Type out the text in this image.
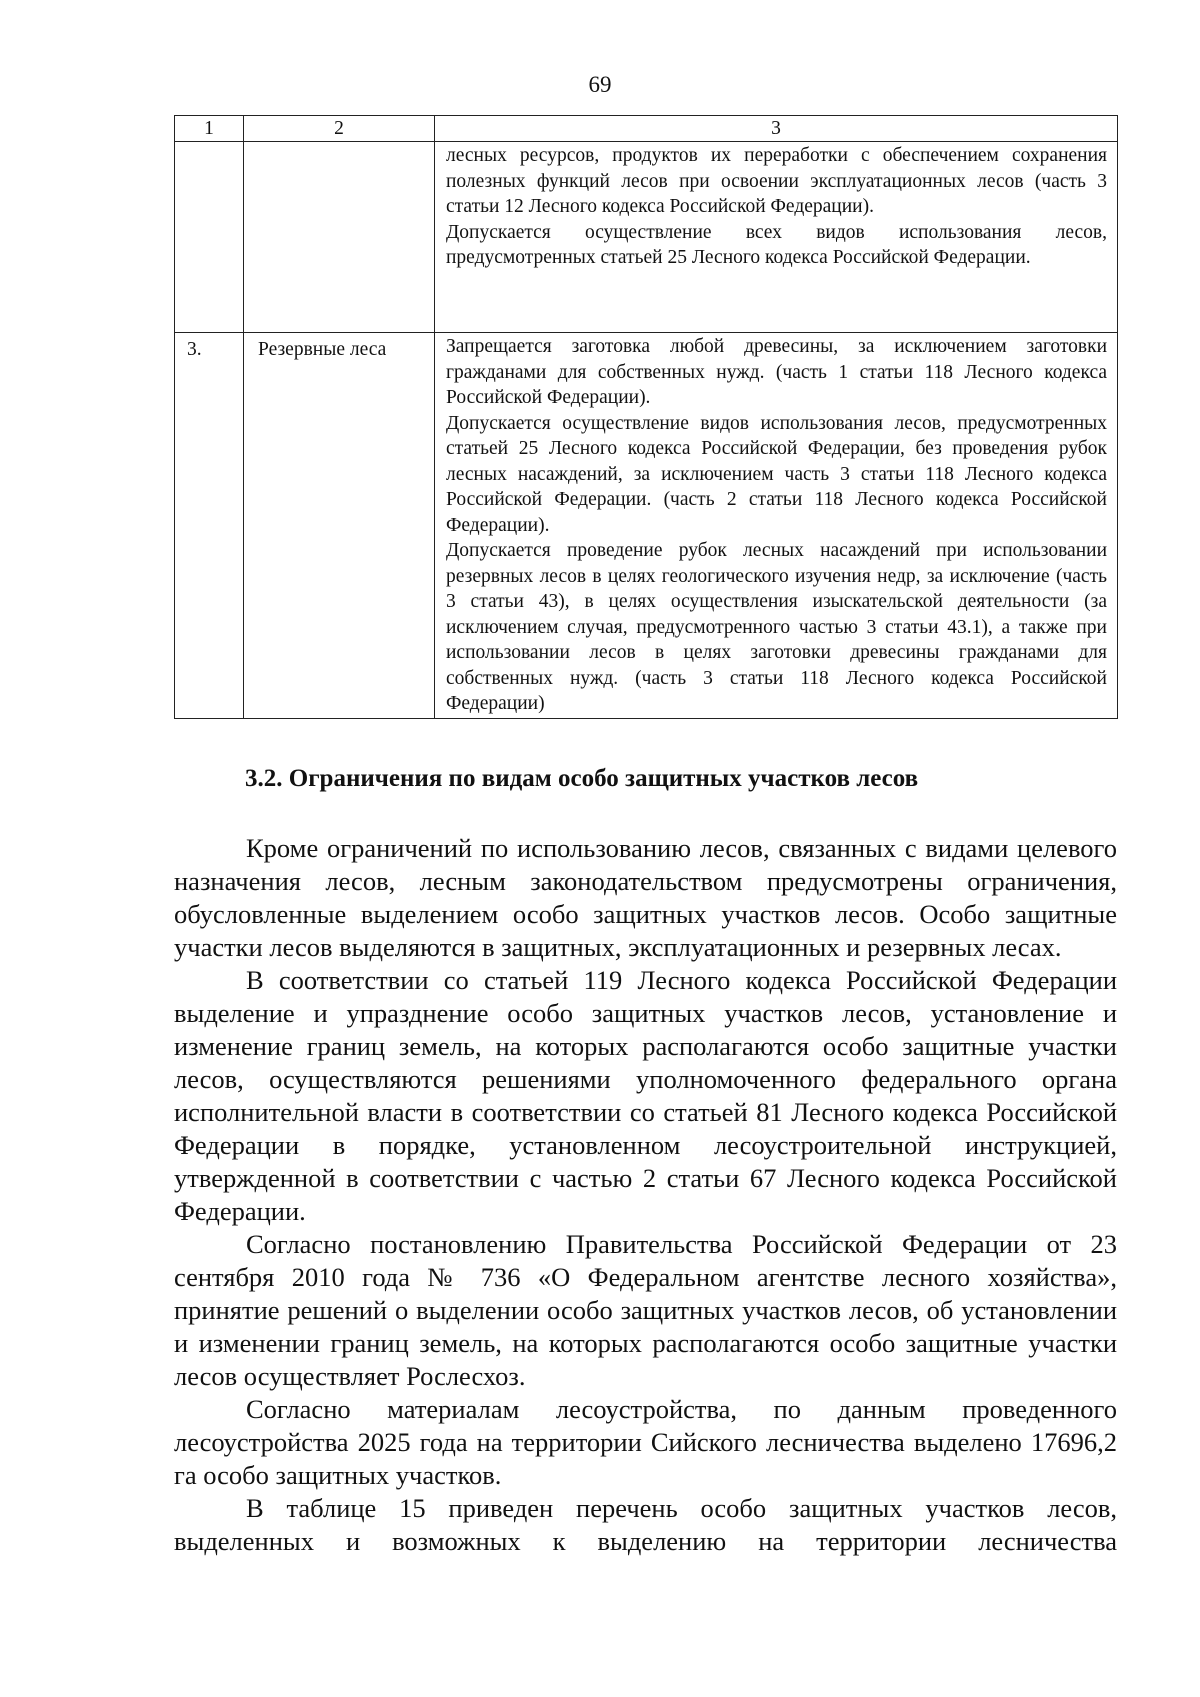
69
1	2	3

		лесных ресурсов, продуктов их переработки с обеспечением сохранения полезных функций лесов при освоении эксплуатационных лесов (часть 3 статьи 12 Лесного кодекса Российской Федерации).

Допускается осуществление всех видов использования лесов, предусмотренных статьей 25 Лесного кодекса Российской Федерации.

3.	Резервные леса	Запрещается заготовка любой древесины, за исключением заготовки гражданами для собственных нужд. (часть 1 статьи 118 Лесного кодекса Российской Федерации).

Допускается осуществление видов использования лесов, предусмотренных статьей 25 Лесного кодекса Российской Федерации, без проведения рубок лесных насаждений, за исключением часть 3 статьи 118 Лесного кодекса Российской Федерации. (часть 2 статьи 118 Лесного кодекса Российской Федерации).

Допускается проведение рубок лесных насаждений при использовании резервных лесов в целях геологического изучения недр, за исключение (часть 3 статьи 43), в целях осуществления изыскательской деятельности (за исключением случая, предусмотренного частью 3 статьи 43.1), а также при использовании лесов в целях заготовки древесины гражданами для собственных нужд. (часть 3 статьи 118 Лесного кодекса Российской Федерации)

3.2. Ограничения по видам особо защитных участков лесов

Кроме ограничений по использованию лесов, связанных с видами целевого назначения лесов, лесным законодательством предусмотрены ограничения, обусловленные выделением особо защитных участков лесов. Особо защитные участки лесов выделяются в защитных, эксплуатационных и резервных лесах.

В соответствии со статьей 119 Лесного кодекса Российской Федерации выделение и упразднение особо защитных участков лесов, установление и изменение границ земель, на которых располагаются особо защитные участки лесов, осуществляются решениями уполномоченного федерального органа исполнительной власти в соответствии со статьей 81 Лесного кодекса Российской Федерации в порядке, установленном лесоустроительной инструкцией, утвержденной в соответствии с частью 2 статьи 67 Лесного кодекса Российской Федерации.

Согласно постановлению Правительства Российской Федерации от 23 сентября 2010 года № 736 «О Федеральном агентстве лесного хозяйства», принятие решений о выделении особо защитных участков лесов, об установлении и изменении границ земель, на которых располагаются особо защитные участки лесов осуществляет Рослесхоз.

Согласно материалам лесоустройства, по данным проведенного лесоустройства 2025 года на территории Сийского лесничества выделено 17696,2 га особо защитных участков.

В таблице 15 приведен перечень особо защитных участков лесов, выделенных и возможных к выделению на территории лесничества
